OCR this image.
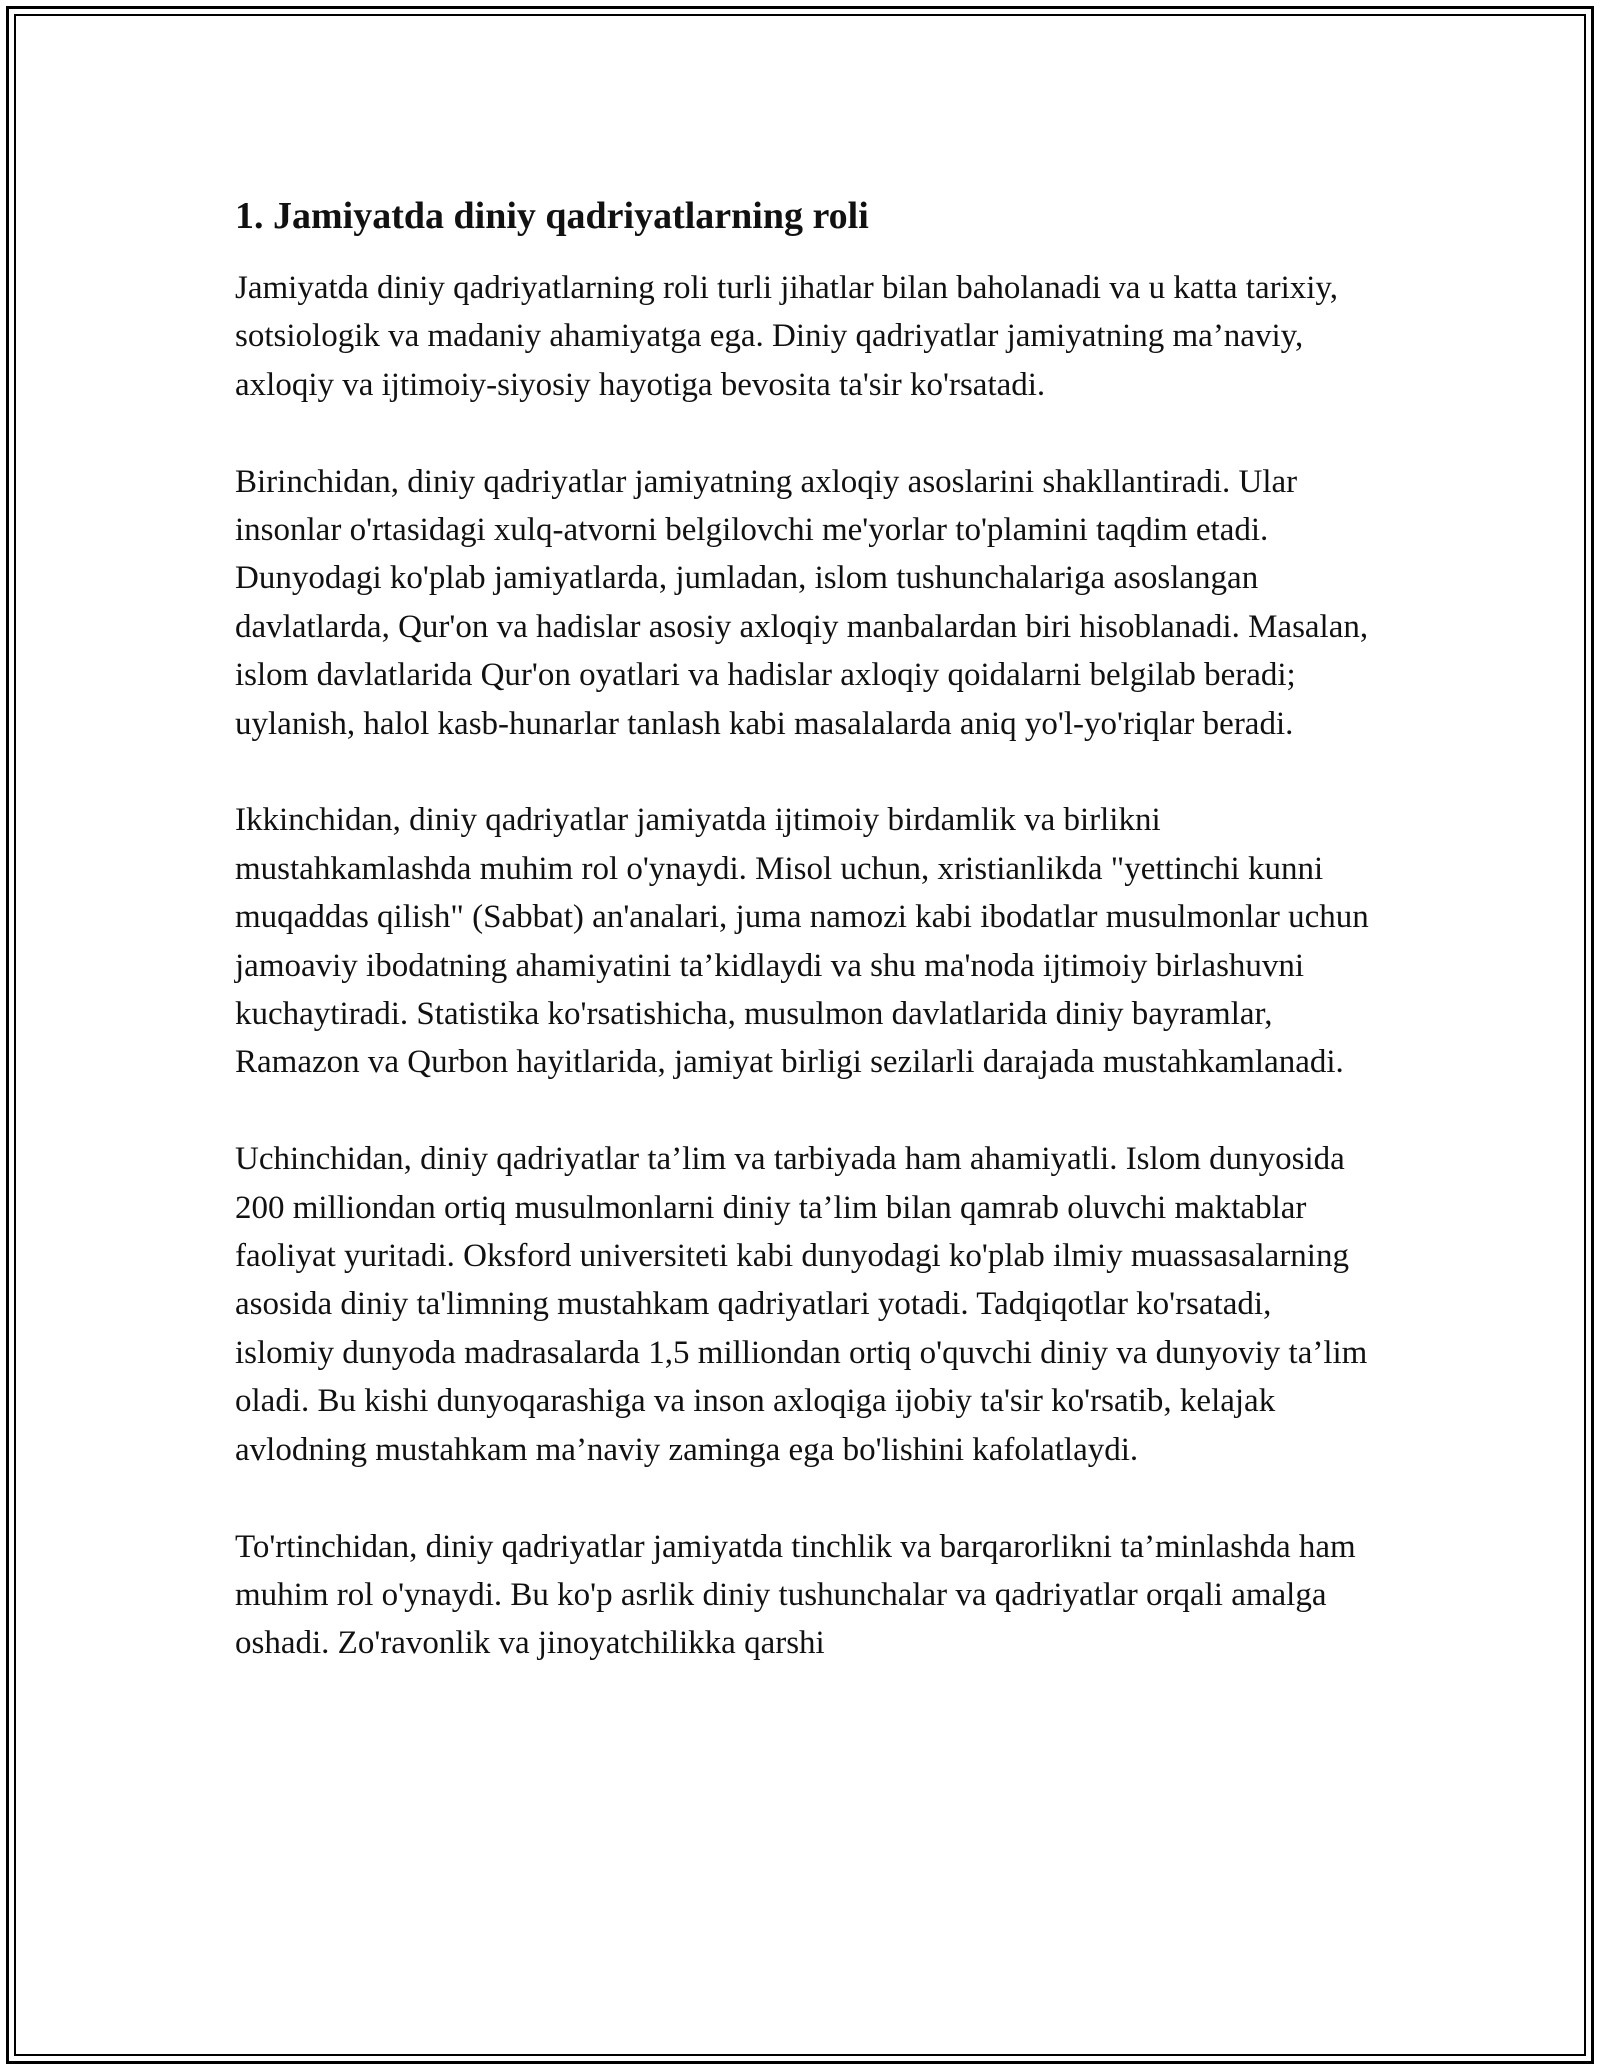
1. Jamiyatda diniy qadriyatlarning roli

Jamiyatda diniy qadriyatlarning roli turli jihatlar bilan baholanadi va u katta tarixiy, sotsiologik va madaniy ahamiyatga ega. Diniy qadriyatlar jamiyatning ma’naviy, axloqiy va ijtimoiy-siyosiy hayotiga bevosita ta'sir ko'rsatadi.

Birinchidan, diniy qadriyatlar jamiyatning axloqiy asoslarini shakllantiradi. Ular insonlar o'rtasidagi xulq-atvorni belgilovchi me'yorlar to'plamini taqdim etadi. Dunyodagi ko'plab jamiyatlarda, jumladan, islom tushunchalariga asoslangan davlatlarda, Qur'on va hadislar asosiy axloqiy manbalardan biri hisoblanadi. Masalan, islom davlatlarida Qur'on oyatlari va hadislar axloqiy qoidalarni belgilab beradi; uylanish, halol kasb-hunarlar tanlash kabi masalalarda aniq yo'l-yo'riqlar beradi.

Ikkinchidan, diniy qadriyatlar jamiyatda ijtimoiy birdamlik va birlikni mustahkamlashda muhim rol o'ynaydi. Misol uchun, xristianlikda "yettinchi kunni muqaddas qilish" (Sabbat) an'analari, juma namozi kabi ibodatlar musulmonlar uchun jamoaviy ibodatning ahamiyatini ta’kidlaydi va shu ma'noda ijtimoiy birlashuvni kuchaytiradi. Statistika ko'rsatishicha, musulmon davlatlarida diniy bayramlar, Ramazon va Qurbon hayitlarida, jamiyat birligi sezilarli darajada mustahkamlanadi.

Uchinchidan, diniy qadriyatlar ta’lim va tarbiyada ham ahamiyatli. Islom dunyosida 200 milliondan ortiq musulmonlarni diniy ta’lim bilan qamrab oluvchi maktablar faoliyat yuritadi. Oksford universiteti kabi dunyodagi ko'plab ilmiy muassasalarning asosida diniy ta'limning mustahkam qadriyatlari yotadi. Tadqiqotlar ko'rsatadi, islomiy dunyoda madrasalarda 1,5 milliondan ortiq o'quvchi diniy va dunyoviy ta’lim oladi. Bu kishi dunyoqarashiga va inson axloqiga ijobiy ta'sir ko'rsatib, kelajak avlodning mustahkam ma’naviy zaminga ega bo'lishini kafolatlaydi.

To'rtinchidan, diniy qadriyatlar jamiyatda tinchlik va barqarorlikni ta’minlashda ham muhim rol o'ynaydi. Bu ko'p asrlik diniy tushunchalar va qadriyatlar orqali amalga oshadi. Zo'ravonlik va jinoyatchilikka qarshi
